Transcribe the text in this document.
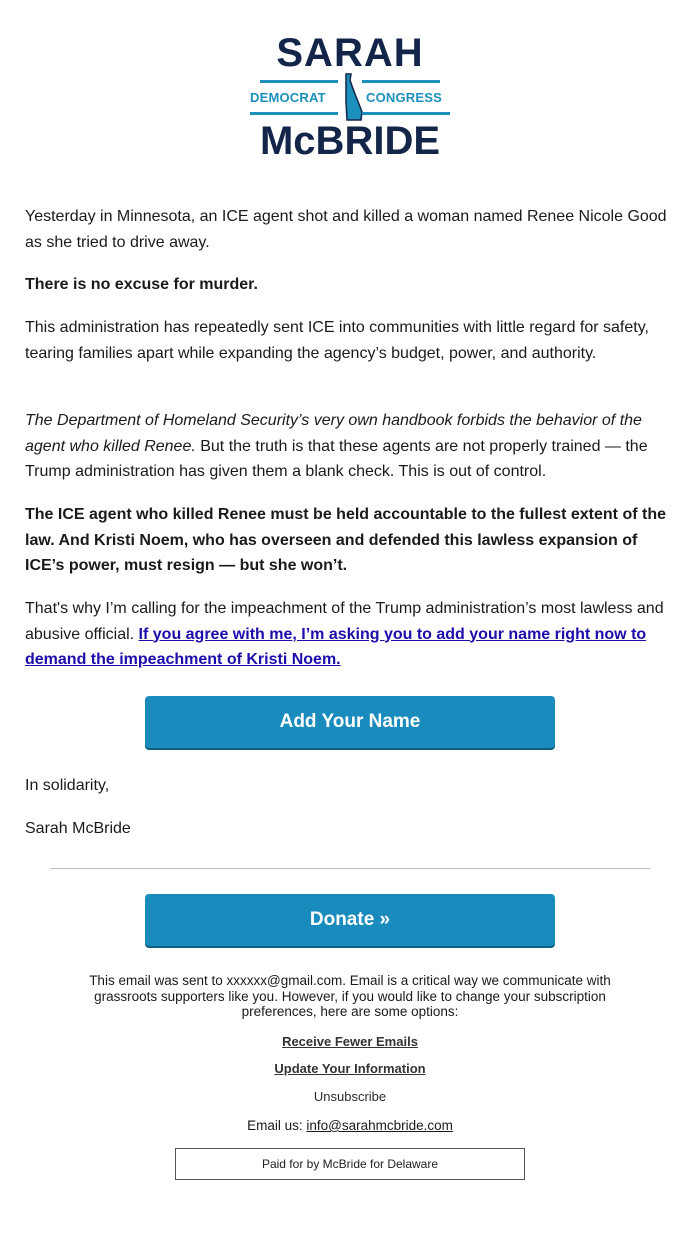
SARAH
DEMOCRAT	CONGRESS
McBRIDE

Yesterday in Minnesota, an ICE agent shot and killed a woman named Renee Nicole Good as she tried to drive away.

There is no excuse for murder.

This administration has repeatedly sent ICE into communities with little regard for safety, tearing families apart while expanding the agency’s budget, power, and authority.

The Department of Homeland Security’s very own handbook forbids the behavior of the agent who killed Renee. But the truth is that these agents are not properly trained — the Trump administration has given them a blank check. This is out of control.

The ICE agent who killed Renee must be held accountable to the fullest extent of the law. And Kristi Noem, who has overseen and defended this lawless expansion of ICE’s power, must resign — but she won’t.

That's why I’m calling for the impeachment of the Trump administration’s most lawless and abusive official. If you agree with me, I’m asking you to add your name right now to demand the impeachment of Kristi Noem.

Add Your Name
In solidarity,
Sarah McBride
Donate »
This email was sent to xxxxxx@gmail.com. Email is a critical way we communicate with grassroots supporters like you. However, if you would like to change your subscription preferences, here are some options:
Receive Fewer Emails
Update Your Information
Unsubscribe
Email us: info@sarahmcbride.com
Paid for by McBride for Delaware
